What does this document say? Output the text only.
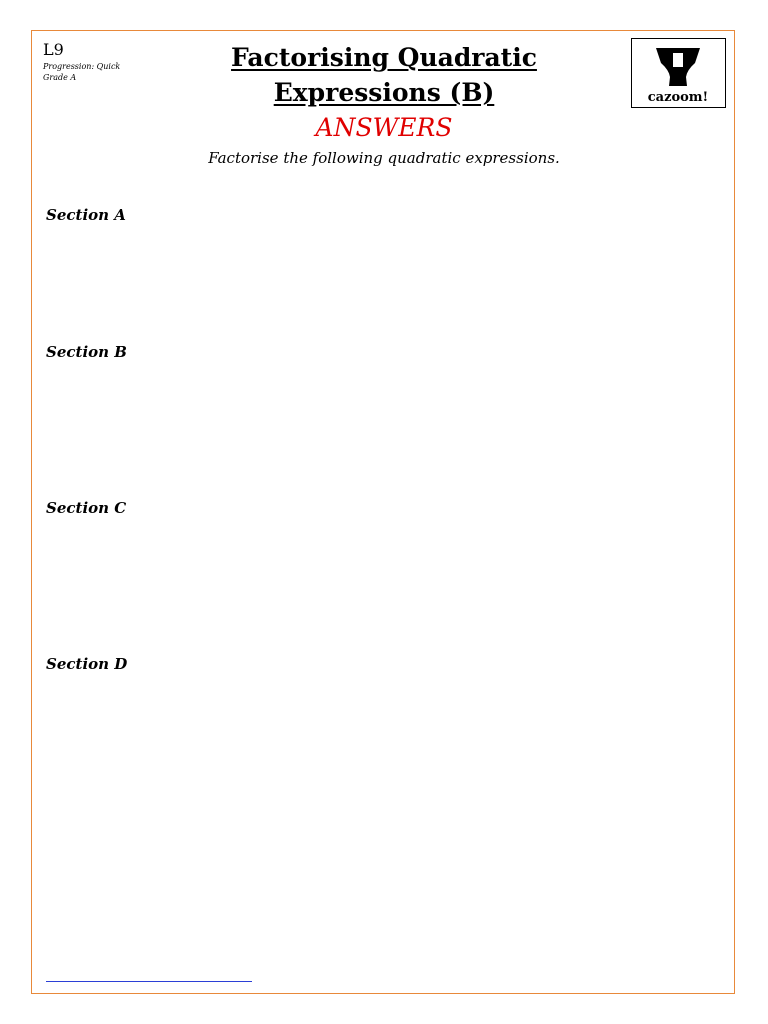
L9
Progression: Quick
Grade A
Factorising Quadratic
Expressions (B)
ANSWERS
Factorise the following quadratic expressions.
cazoom!
Section A
Section B
Section C
Section D
